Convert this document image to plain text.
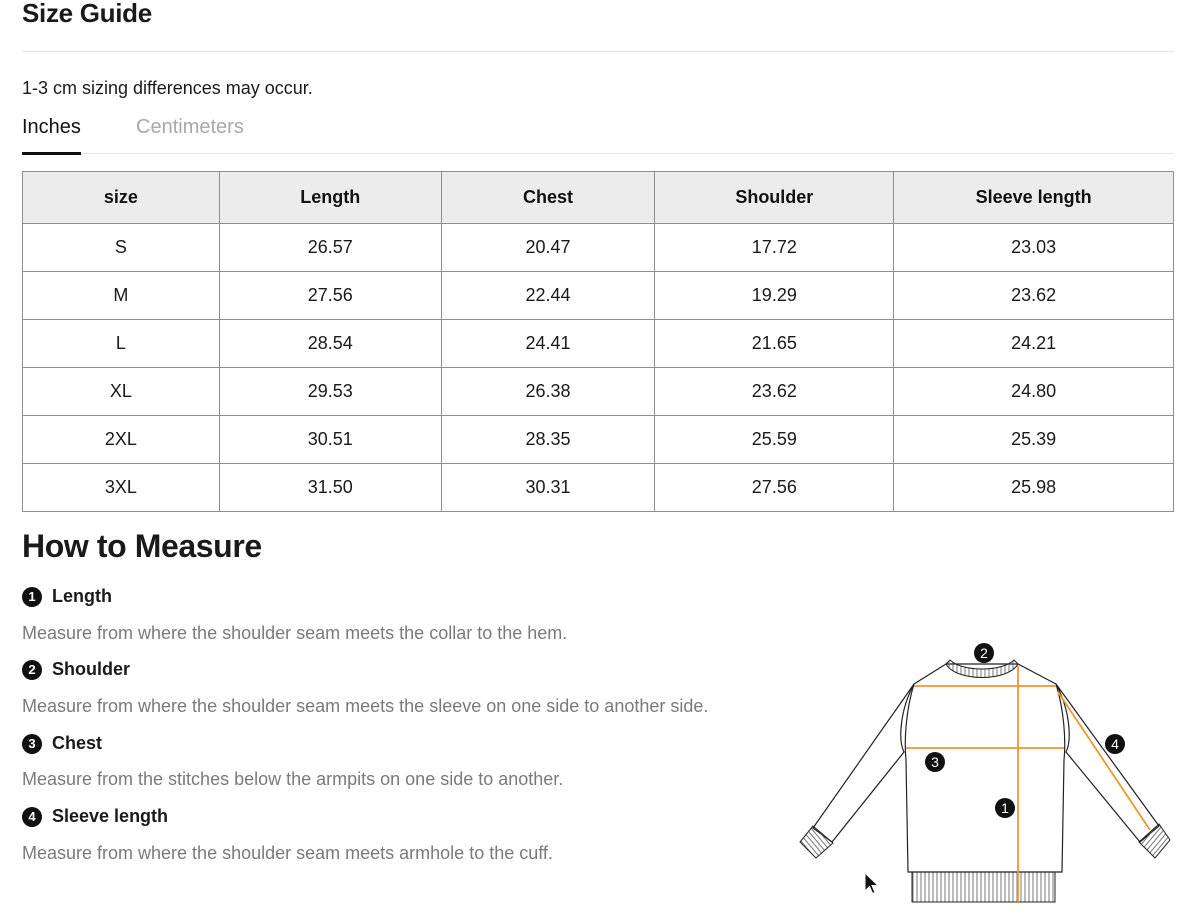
Size Guide
1-3 cm sizing differences may occur.
Inches	Centimeters
size	Length	Chest	Shoulder	Sleeve length
S	26.57	20.47	17.72	23.03
M	27.56	22.44	19.29	23.62
L	28.54	24.41	21.65	24.21
XL	29.53	26.38	23.62	24.80
2XL	30.51	28.35	25.59	25.39
3XL	31.50	30.31	27.56	25.98
How to Measure
1 Length
Measure from where the shoulder seam meets the collar to the hem.
2 Shoulder
Measure from where the shoulder seam meets the sleeve on one side to another side.
3 Chest
Measure from the stitches below the armpits on one side to another.
4 Sleeve length
Measure from where the shoulder seam meets armhole to the cuff.
2
4
3
1
